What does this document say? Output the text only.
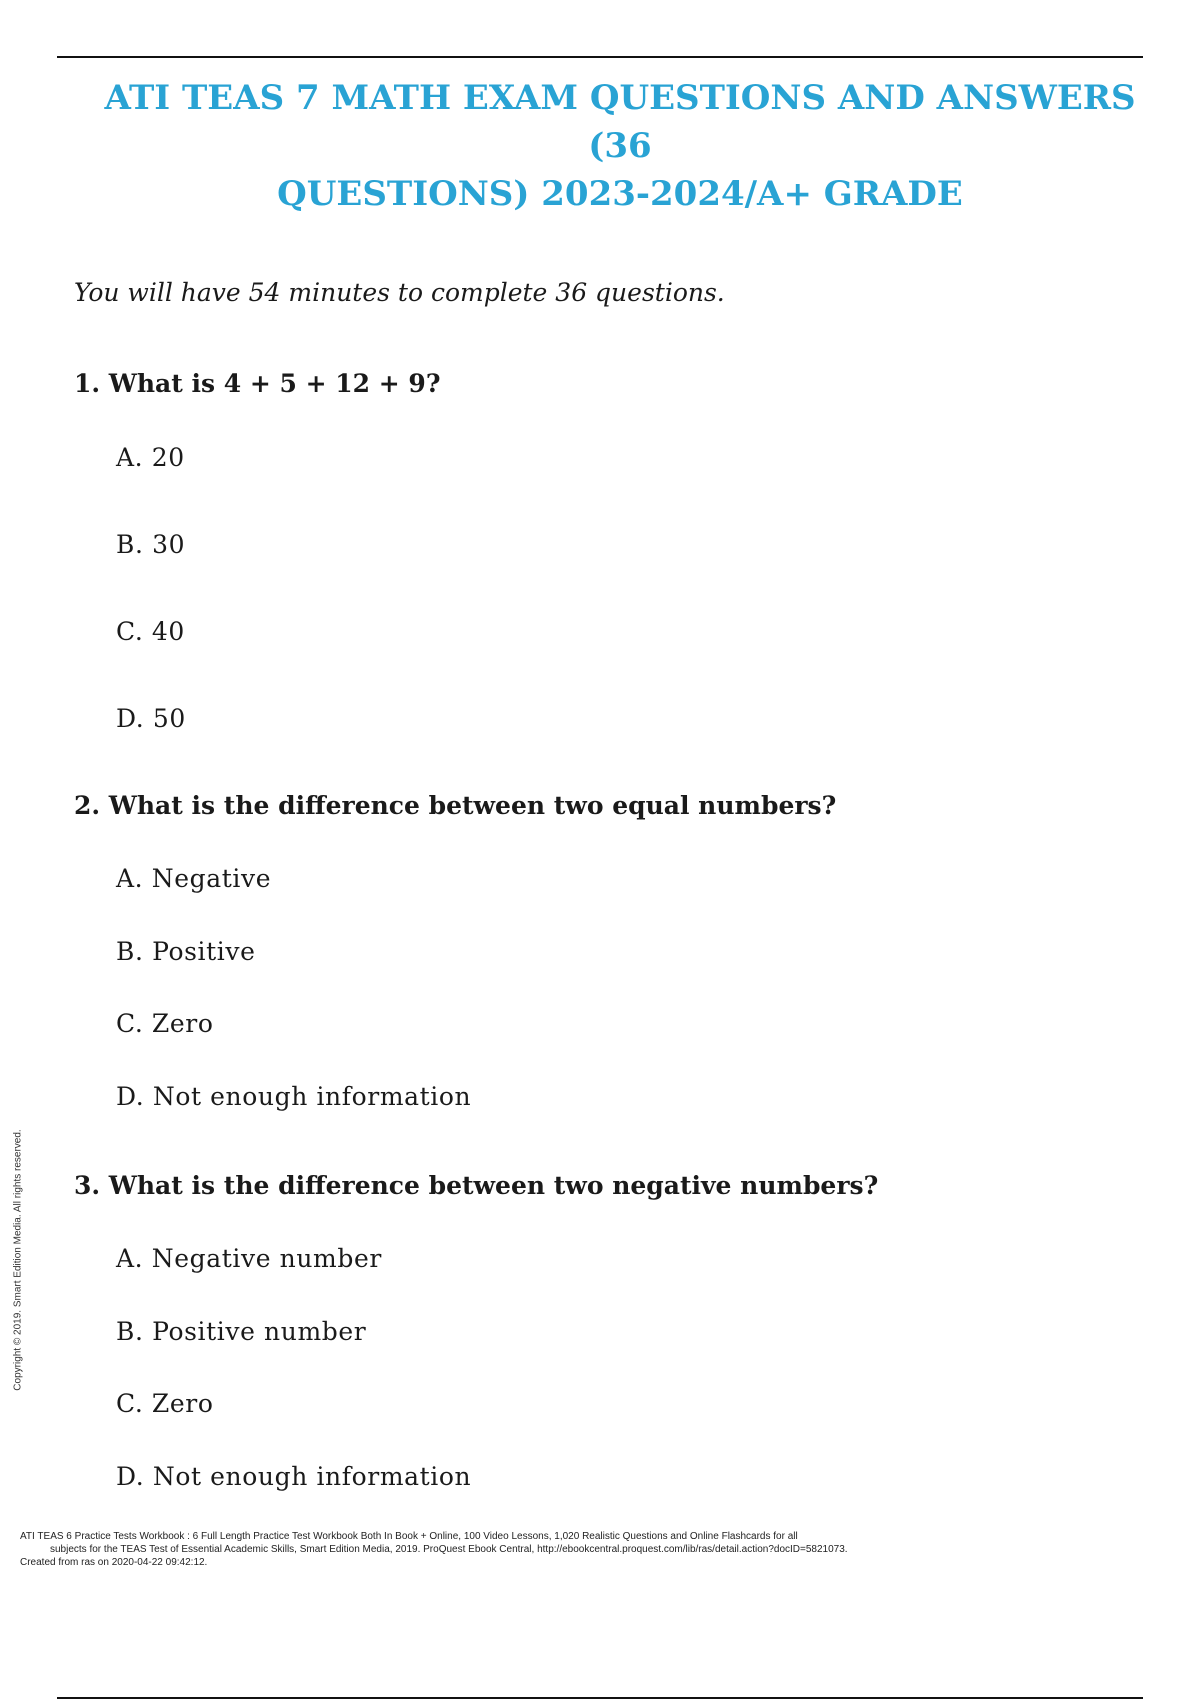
ATI TEAS 7 MATH EXAM QUESTIONS AND ANSWERS (36
QUESTIONS) 2023-2024/A+ GRADE

You will have 54 minutes to complete 36 questions.

1. What is 4 + 5 + 12 + 9?

A. 20

B. 30

C. 40

D. 50

2. What is the difference between two equal numbers?

A. Negative

B. Positive

C. Zero

D. Not enough information

3. What is the difference between two negative numbers?

A. Negative number

B. Positive number

C. Zero

D. Not enough information

Copyright © 2019. Smart Edition Media. All rights reserved.
ATI TEAS 6 Practice Tests Workbook : 6 Full Length Practice Test Workbook Both In Book + Online, 100 Video Lessons, 1,020 Realistic Questions and Online Flashcards for all
subjects for the TEAS Test of Essential Academic Skills, Smart Edition Media, 2019. ProQuest Ebook Central, http://ebookcentral.proquest.com/lib/ras/detail.action?docID=5821073.
Created from ras on 2020-04-22 09:42:12.
